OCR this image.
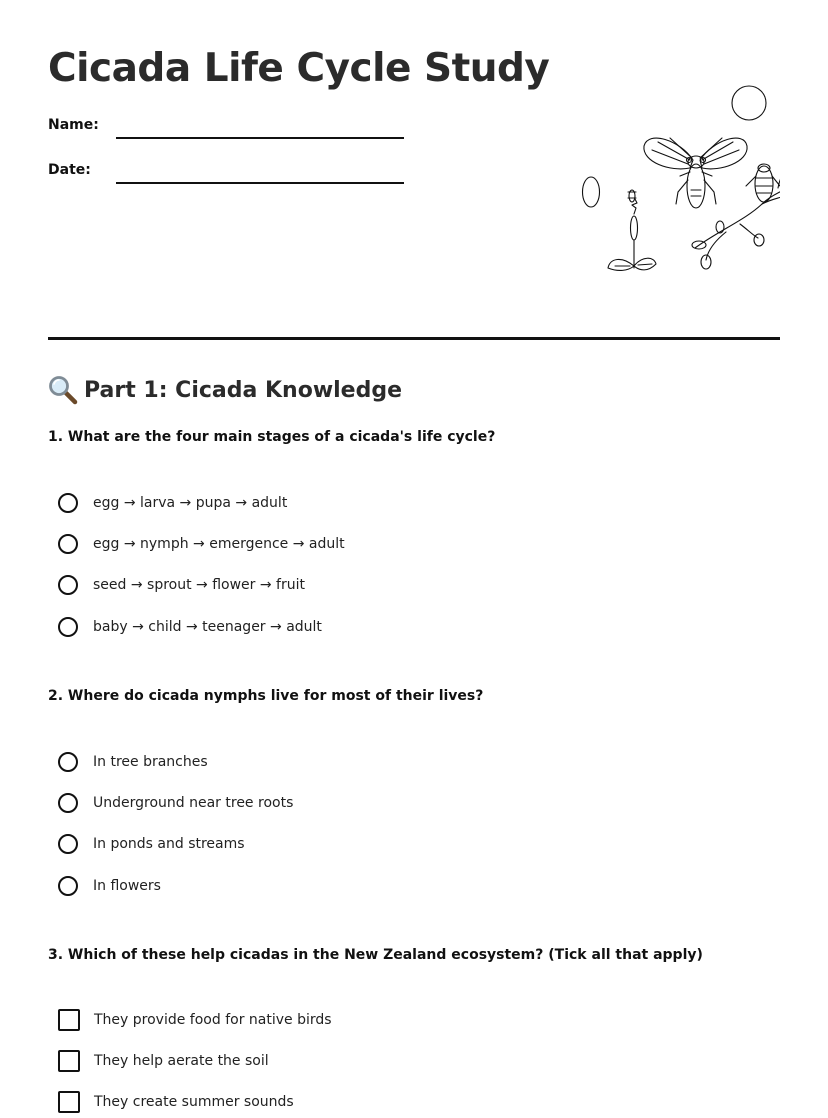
Cicada Life Cycle Study
Name:
Date:
Part 1: Cicada Knowledge
1. What are the four main stages of a cicada's life cycle?
egg → larva → pupa → adult
egg → nymph → emergence → adult
seed → sprout → flower → fruit
baby → child → teenager → adult
2. Where do cicada nymphs live for most of their lives?
In tree branches
Underground near tree roots
In ponds and streams
In flowers
3. Which of these help cicadas in the New Zealand ecosystem? (Tick all that apply)
They provide food for native birds
They help aerate the soil
They create summer sounds
